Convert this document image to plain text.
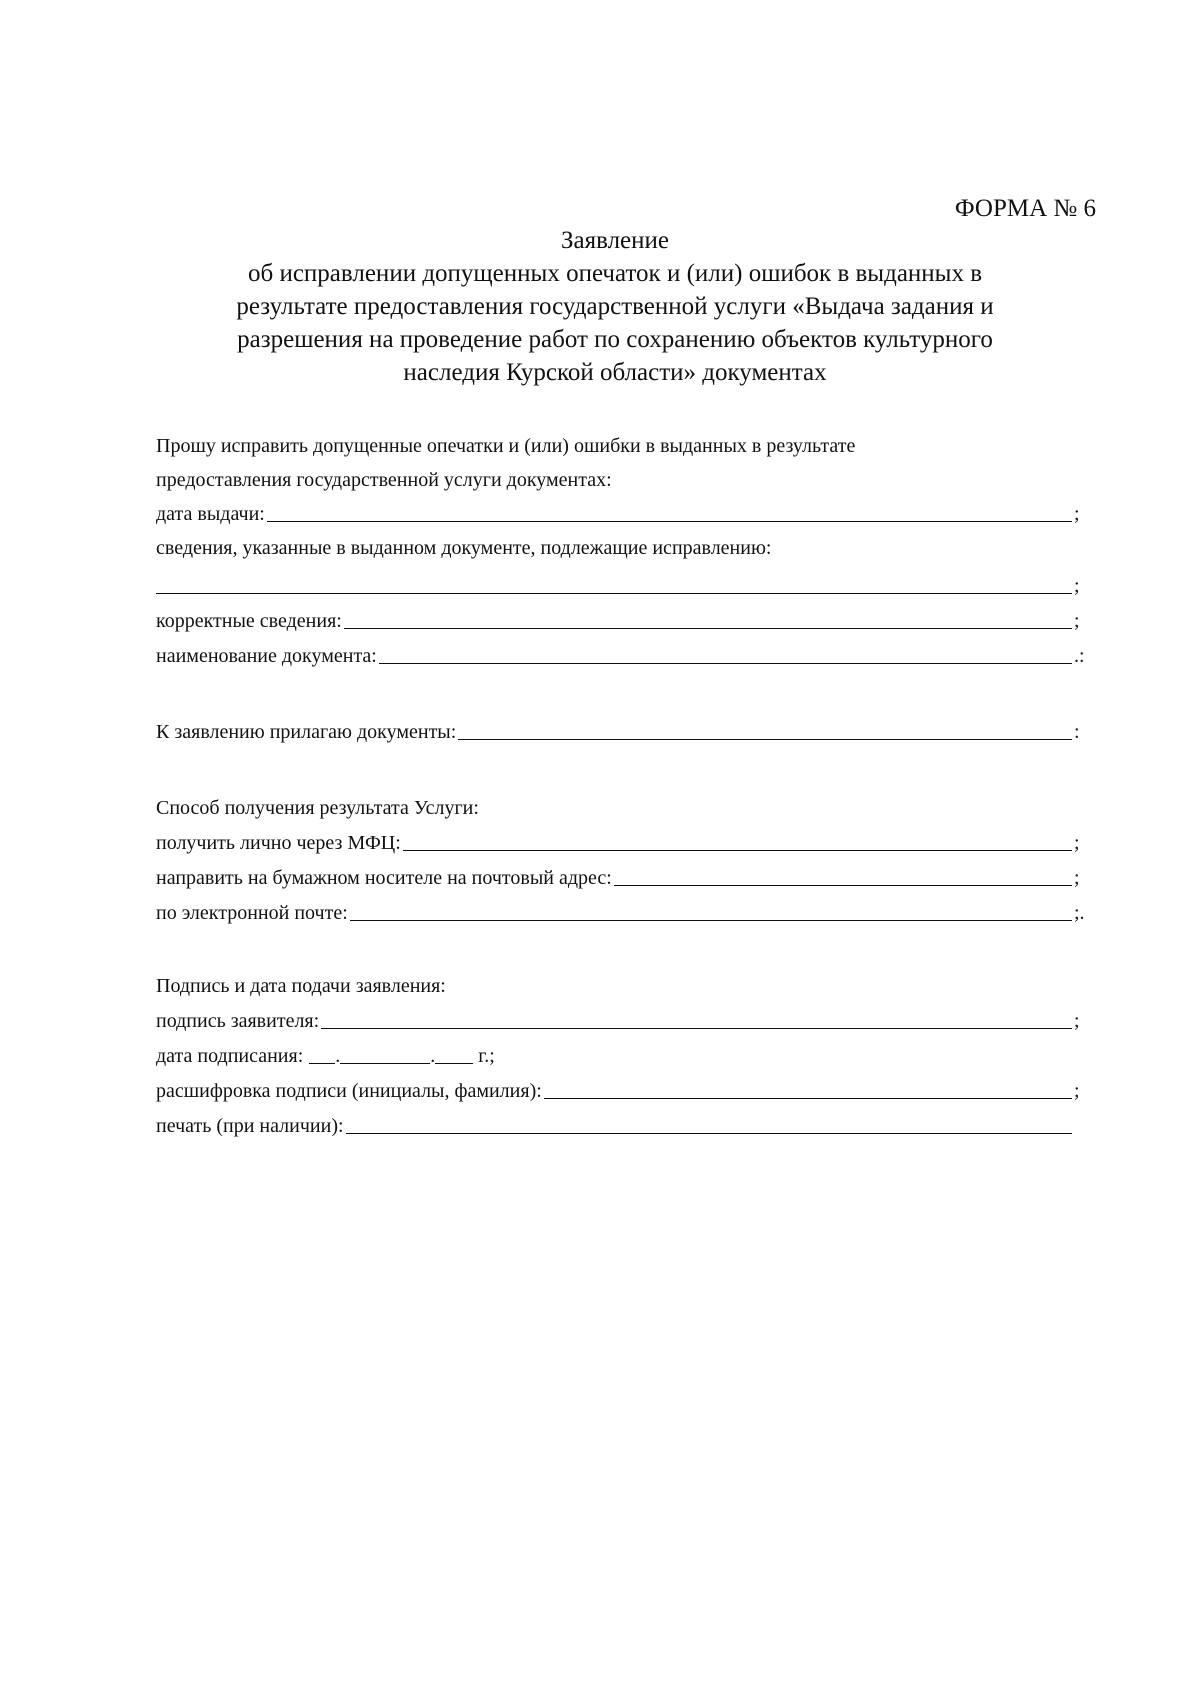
ФОРМА № 6
Заявление
об исправлении допущенных опечаток и (или) ошибок в выданных в
результате предоставления государственной услуги «Выдача задания и
разрешения на проведение работ по сохранению объектов культурного
наследия Курской области» документах
Прошу исправить допущенные опечатки и (или) ошибки в выданных в результате
предоставления государственной услуги документах:
дата выдачи:	;
сведения, указанные в выданном документе, подлежащие исправлению:
;
корректные сведения:	;
наименование документа:	.:
К заявлению прилагаю документы:	:
Способ получения результата Услуги:
получить лично через МФЦ:	;
направить на бумажном носителе на почтовый адрес:	;
по электронной почте:	;.
Подпись и дата подачи заявления:
подпись заявителя:	;
дата подписания:	.	. г.;
расшифровка подписи (инициалы, фамилия):	;
печать (при наличии):
